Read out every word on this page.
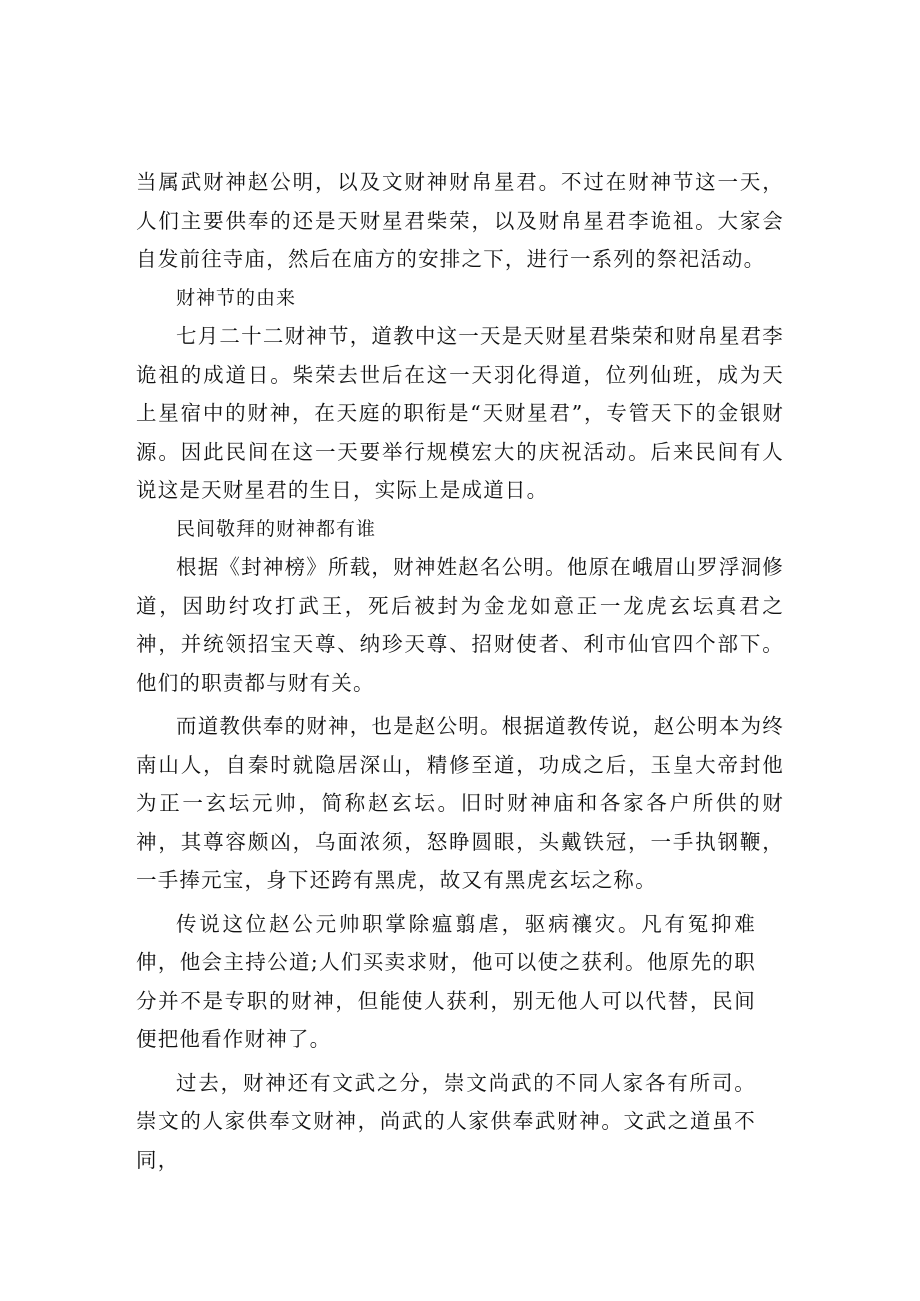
当属武财神赵公明，以及文财神财帛星君。不过在财神节这一天，人们主要供奉的还是天财星君柴荣，以及财帛星君李诡祖。大家会自发前往寺庙，然后在庙方的安排之下，进行一系列的祭祀活动。

财神节的由来

七月二十二财神节，道教中这一天是天财星君柴荣和财帛星君李诡祖的成道日。柴荣去世后在这一天羽化得道，位列仙班，成为天上星宿中的财神，在天庭的职衔是“天财星君”，专管天下的金银财源。因此民间在这一天要举行规模宏大的庆祝活动。后来民间有人说这是天财星君的生日，实际上是成道日。

民间敬拜的财神都有谁

根据《封神榜》所载，财神姓赵名公明。他原在峨眉山罗浮洞修道，因助纣攻打武王，死后被封为金龙如意正一龙虎玄坛真君之神，并统领招宝天尊、纳珍天尊、招财使者、利市仙官四个部下。他们的职责都与财有关。

而道教供奉的财神，也是赵公明。根据道教传说，赵公明本为终南山人，自秦时就隐居深山，精修至道，功成之后，玉皇大帝封他为正一玄坛元帅，简称赵玄坛。旧时财神庙和各家各户所供的财神，其尊容颇凶，乌面浓须，怒睁圆眼，头戴铁冠，一手执钢鞭，一手捧元宝，身下还跨有黑虎，故又有黑虎玄坛之称。

传说这位赵公元帅职掌除瘟翦虐，驱病禳灾。凡有冤抑难伸，他会主持公道;人们买卖求财，他可以使之获利。他原先的职分并不是专职的财神，但能使人获利，别无他人可以代替，民间便把他看作财神了。

过去，财神还有文武之分，崇文尚武的不同人家各有所司。崇文的人家供奉文财神，尚武的人家供奉武财神。文武之道虽不同，
